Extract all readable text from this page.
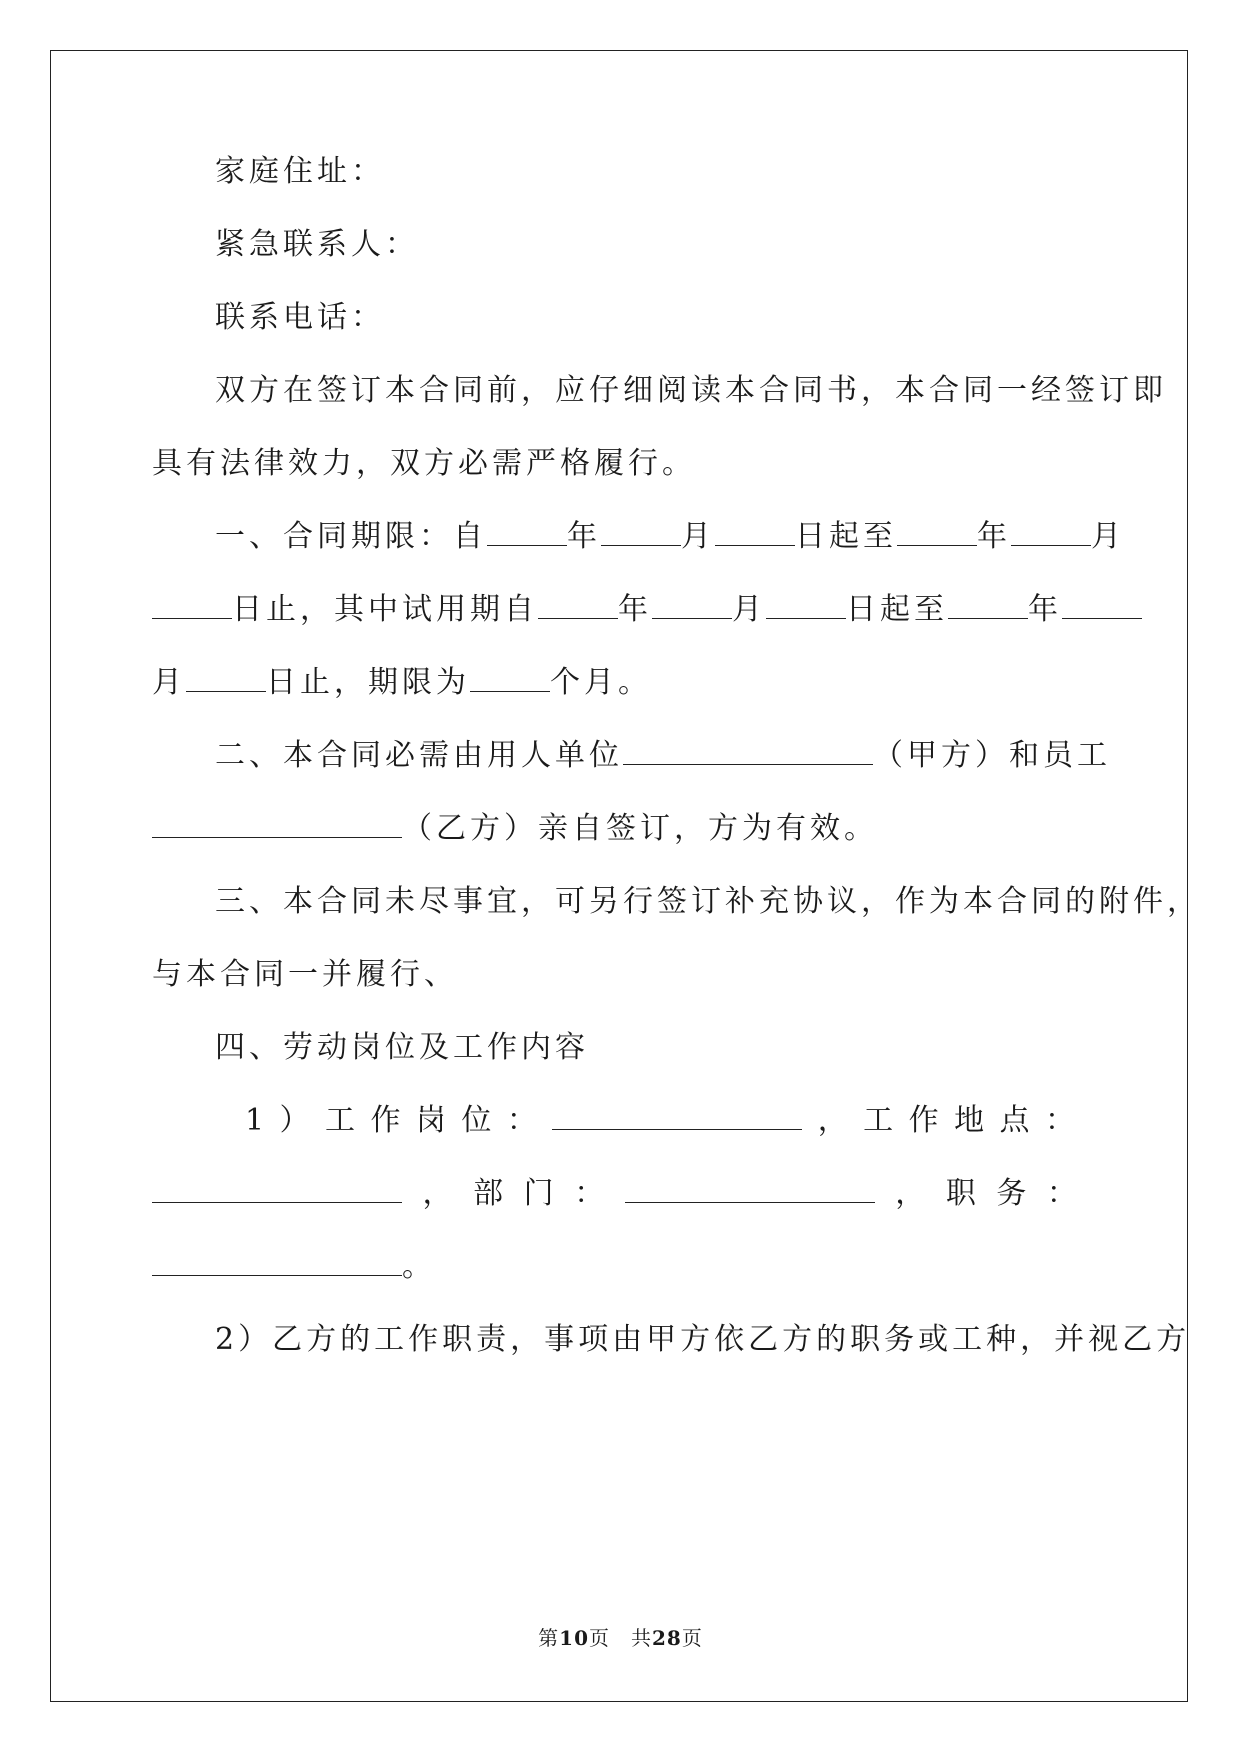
家庭住址：
紧急联系人：
联系电话：
双方在签订本合同前，应仔细阅读本合同书，本合同一经签订即
具有法律效力，双方必需严格履行。
一、合同期限：自	年	月	日起至	年	月
日止，其中试用期自	年	月	日起至	年
月	日止，期限为	个月。
二、本合同必需由用人单位	（甲方）和员工
（乙方）亲自签订，方为有效。
三、本合同未尽事宜，可另行签订补充协议，作为本合同的附件，
与本合同一并履行、
四、劳动岗位及工作内容
1 ） 工 作 岗 位 ：	， 工 作 地 点 ：
， 部 门 ：	， 职 务 ：
。
2）乙方的工作职责，事项由甲方依乙方的职务或工种，并视乙方
第10页　共28页
